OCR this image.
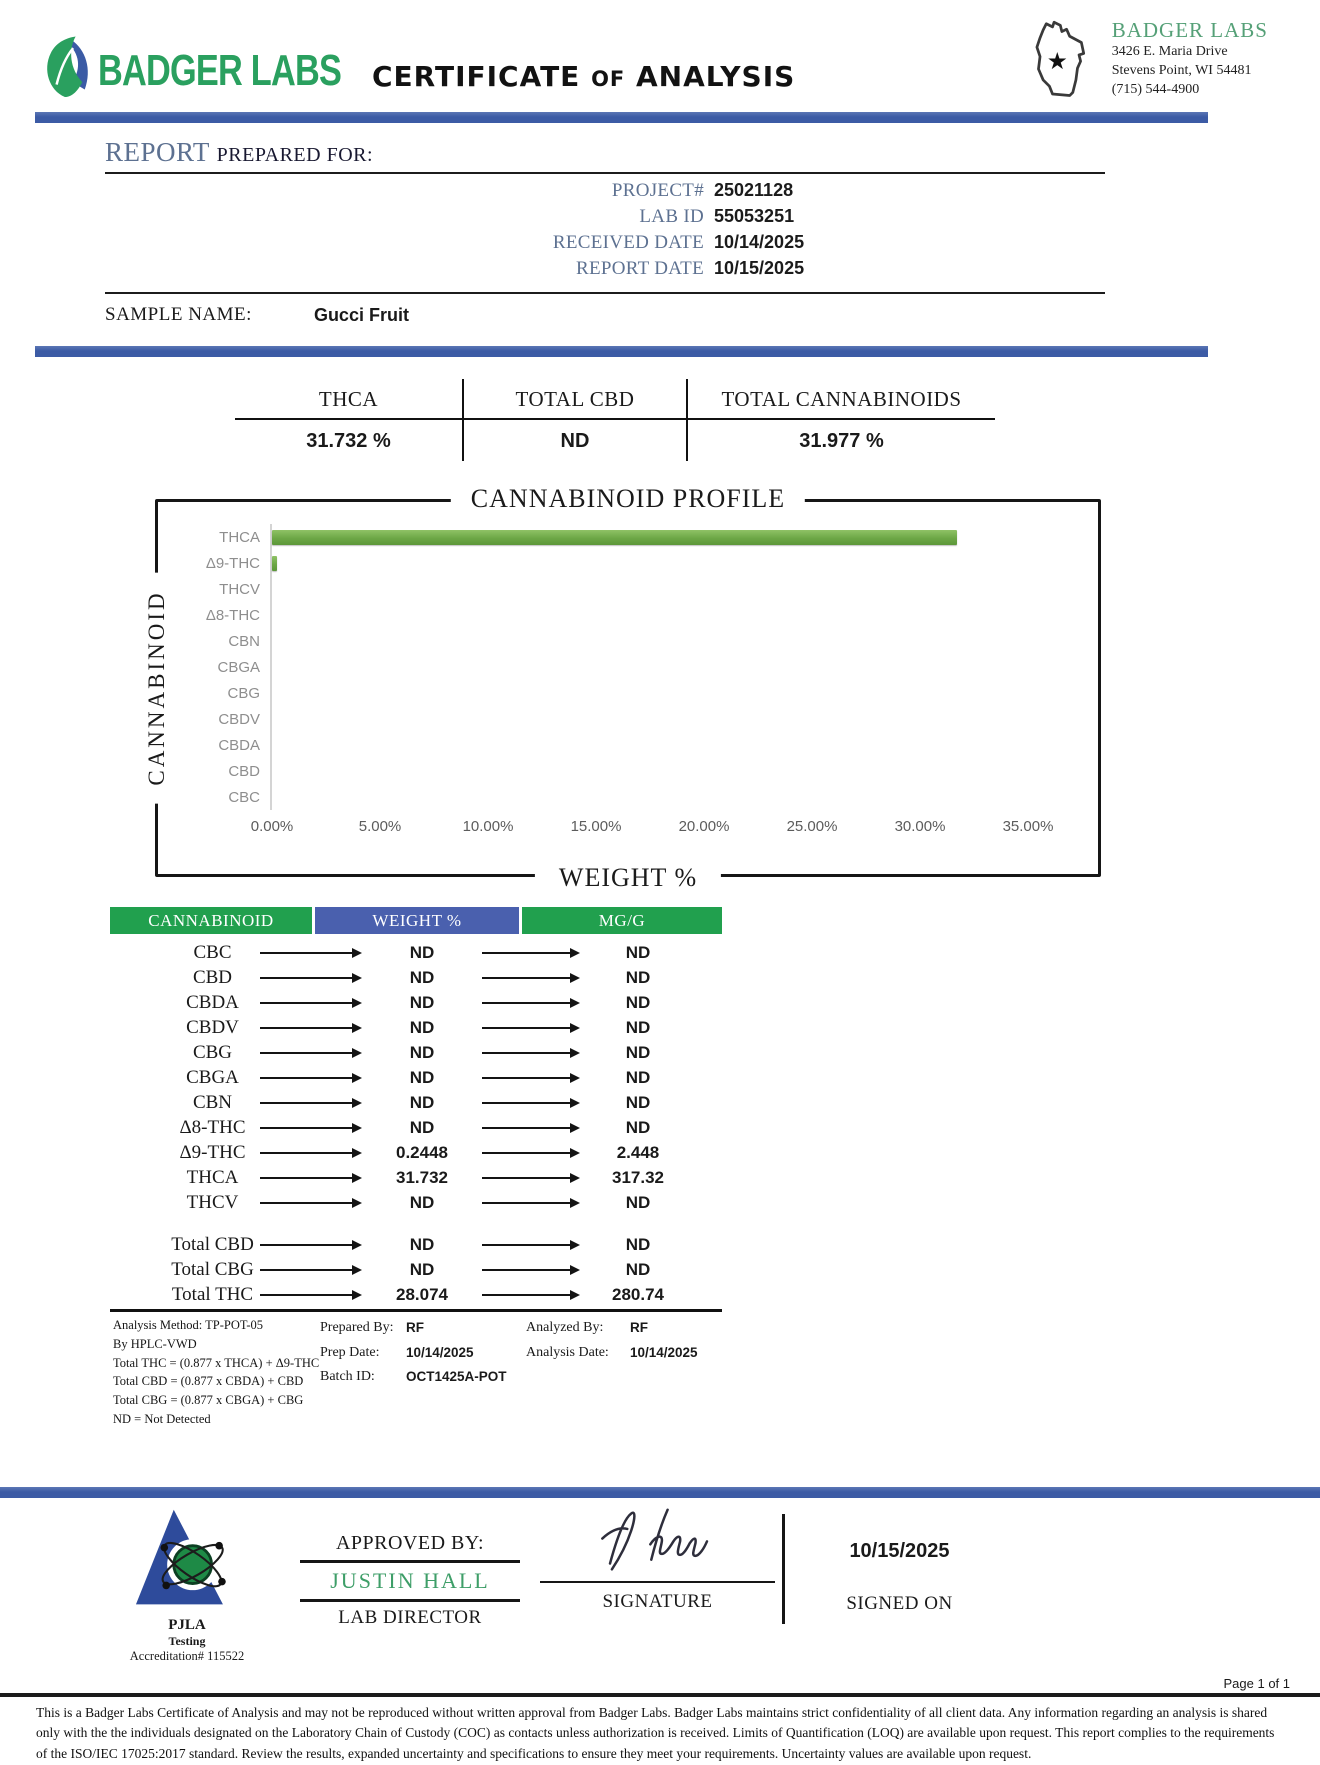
BADGER LABS CERTIFICATE OF ANALYSIS	★
BADGER LABS
3426 E. Maria Drive
Stevens Point, WI 54481
(715) 544-4900
REPORT PREPARED FOR:
PROJECT# 25021128
LAB ID 55053251
RECEIVED DATE 10/14/2025
REPORT DATE 10/15/2025
SAMPLE NAME:	Gucci Fruit
THCA	TOTAL CBD	TOTAL CANNABINOIDS
31.732 %	ND	31.977 %
CANNABINOID PROFILE
CANNABINOID
THCA
Δ9-THC
THCV
Δ8-THC
CBN
CBGA
CBG
CBDV
CBDA
CBD
CBC
0.00%	5.00%	10.00%	15.00%	20.00%	25.00%	30.00%	35.00%
WEIGHT %
CANNABINOID	WEIGHT %	MG/G
CBC	ND	ND
CBD	ND	ND
CBDA	ND	ND
CBDV	ND	ND
CBG	ND	ND
CBGA	ND	ND
CBN	ND	ND
Δ8-THC	ND	ND
Δ9-THC	0.2448	2.448
THCA	31.732	317.32
THCV	ND	ND
Total CBD	ND	ND
Total CBG	ND	ND
Total THC	28.074	280.74
Analysis Method: TP-POT-05
By HPLC-VWD
Total THC = (0.877 x THCA) + Δ9-THC
Total CBD = (0.877 x CBDA) + CBD
Total CBG = (0.877 x CBGA) + CBG
ND = Not Detected
Prepared By: RF
Prep Date:	10/14/2025
Batch ID:	OCT1425A-POT
Analyzed By:	RF
Analysis Date:	10/14/2025
PJLA
Testing
Accreditation# 115522
APPROVED BY:
JUSTIN HALL
LAB DIRECTOR
SIGNATURE
10/15/2025
SIGNED ON
Page 1 of 1

This is a Badger Labs Certificate of Analysis and may not be reproduced without written approval from Badger Labs. Badger Labs maintains strict confidentiality of all client data. Any information regarding an analysis is shared only with the the individuals designated on the Laboratory Chain of Custody (COC) as contacts unless authorization is received. Limits of Quantification (LOQ) are available upon request. This report complies to the requirements of the ISO/IEC 17025:2017 standard. Review the results, expanded uncertainty and specifications to ensure they meet your requirements. Uncertainty values are available upon request.
